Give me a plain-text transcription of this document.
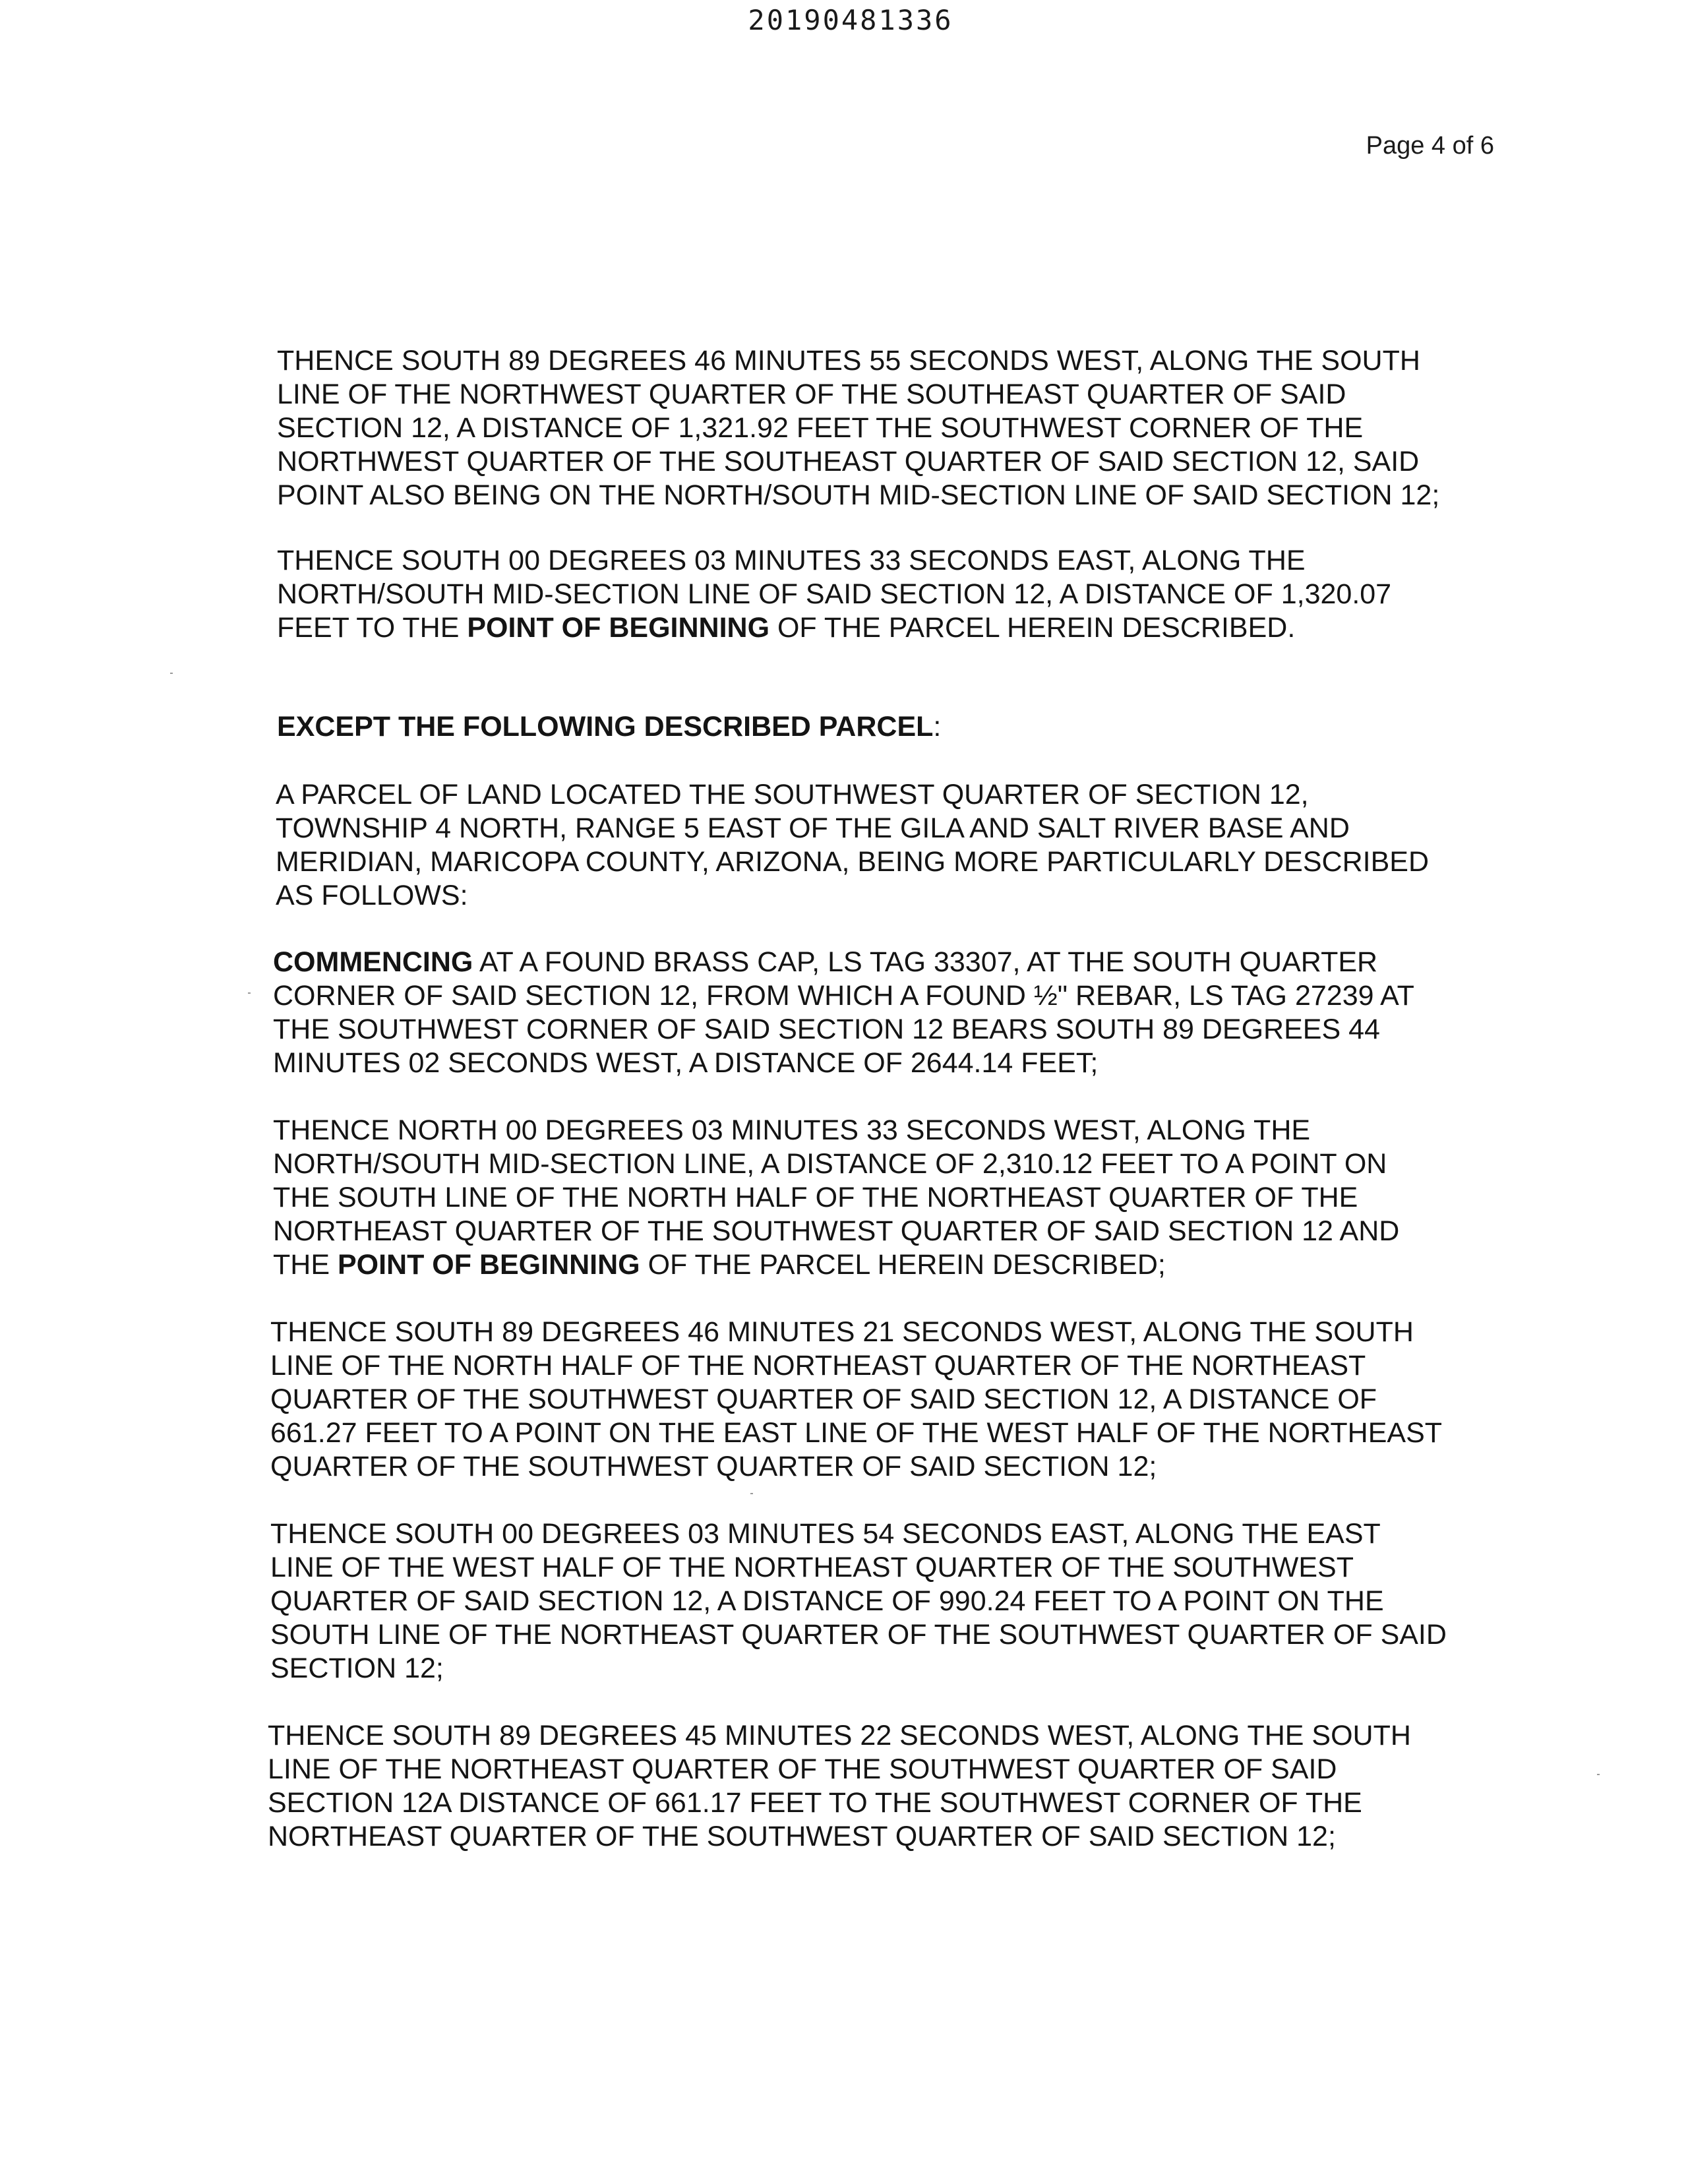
20190481336
Page 4 of 6
THENCE SOUTH 89 DEGREES 46 MINUTES 55 SECONDS WEST, ALONG THE SOUTH
LINE OF THE NORTHWEST QUARTER OF THE SOUTHEAST QUARTER OF SAID
SECTION 12, A DISTANCE OF 1,321.92 FEET THE SOUTHWEST CORNER OF THE
NORTHWEST QUARTER OF THE SOUTHEAST QUARTER OF SAID SECTION 12, SAID
POINT ALSO BEING ON THE NORTH/SOUTH MID-SECTION LINE OF SAID SECTION 12;
THENCE SOUTH 00 DEGREES 03 MINUTES 33 SECONDS EAST, ALONG THE
NORTH/SOUTH MID-SECTION LINE OF SAID SECTION 12, A DISTANCE OF 1,320.07
FEET TO THE POINT OF BEGINNING OF THE PARCEL HEREIN DESCRIBED.
EXCEPT THE FOLLOWING DESCRIBED PARCEL:
A PARCEL OF LAND LOCATED THE SOUTHWEST QUARTER OF SECTION 12,
TOWNSHIP 4 NORTH, RANGE 5 EAST OF THE GILA AND SALT RIVER BASE AND
MERIDIAN, MARICOPA COUNTY, ARIZONA, BEING MORE PARTICULARLY DESCRIBED
AS FOLLOWS:
COMMENCING AT A FOUND BRASS CAP, LS TAG 33307, AT THE SOUTH QUARTER
CORNER OF SAID SECTION 12, FROM WHICH A FOUND ½" REBAR, LS TAG 27239 AT
THE SOUTHWEST CORNER OF SAID SECTION 12 BEARS SOUTH 89 DEGREES 44
MINUTES 02 SECONDS WEST, A DISTANCE OF 2644.14 FEET;
THENCE NORTH 00 DEGREES 03 MINUTES 33 SECONDS WEST, ALONG THE
NORTH/SOUTH MID-SECTION LINE, A DISTANCE OF 2,310.12 FEET TO A POINT ON
THE SOUTH LINE OF THE NORTH HALF OF THE NORTHEAST QUARTER OF THE
NORTHEAST QUARTER OF THE SOUTHWEST QUARTER OF SAID SECTION 12 AND
THE POINT OF BEGINNING OF THE PARCEL HEREIN DESCRIBED;
THENCE SOUTH 89 DEGREES 46 MINUTES 21 SECONDS WEST, ALONG THE SOUTH
LINE OF THE NORTH HALF OF THE NORTHEAST QUARTER OF THE NORTHEAST
QUARTER OF THE SOUTHWEST QUARTER OF SAID SECTION 12, A DISTANCE OF
661.27 FEET TO A POINT ON THE EAST LINE OF THE WEST HALF OF THE NORTHEAST
QUARTER OF THE SOUTHWEST QUARTER OF SAID SECTION 12;
THENCE SOUTH 00 DEGREES 03 MINUTES 54 SECONDS EAST, ALONG THE EAST
LINE OF THE WEST HALF OF THE NORTHEAST QUARTER OF THE SOUTHWEST
QUARTER OF SAID SECTION 12, A DISTANCE OF 990.24 FEET TO A POINT ON THE
SOUTH LINE OF THE NORTHEAST QUARTER OF THE SOUTHWEST QUARTER OF SAID
SECTION 12;
THENCE SOUTH 89 DEGREES 45 MINUTES 22 SECONDS WEST, ALONG THE SOUTH
LINE OF THE NORTHEAST QUARTER OF THE SOUTHWEST QUARTER OF SAID
SECTION 12A DISTANCE OF 661.17 FEET TO THE SOUTHWEST CORNER OF THE
NORTHEAST QUARTER OF THE SOUTHWEST QUARTER OF SAID SECTION 12;
